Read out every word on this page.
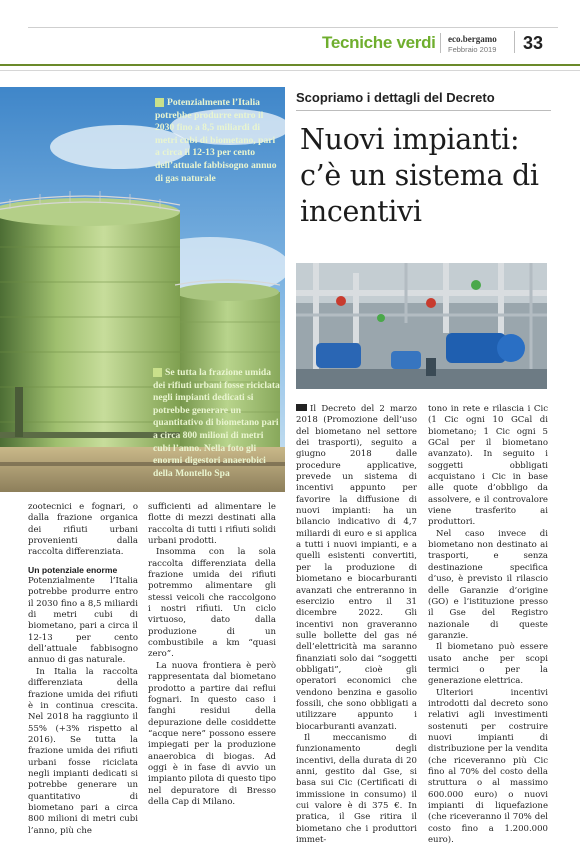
Tecniche verdi eco.bergamo
Febbraio 2019 33
Potenzialmente l’Italia potrebbe produrre entro il 2030 fino a 8,5 miliardi di metri cubi di biometano, pari a circa il 12-13 per cento dell’attuale fabbisogno annuo di gas naturale
Se tutta la frazione umida dei rifiuti urbani fosse riciclata negli impianti dedicati si potrebbe generare un quantitativo di biometano pari a circa 800 milioni di metri cubi l’anno. Nella foto gli enormi digestori anaerobici della Montello Spa
Scopriamo i dettagli del Decreto
Nuovi impianti: c’è un sistema di incentivi

zootecnici e fognari, o dalla frazione organica dei rifiuti urbani provenienti dalla raccolta differenziata.

Un potenziale enorme

Potenzialmente l’Italia potrebbe produrre entro il 2030 fino a 8,5 miliardi di metri cubi di biometano, pari a circa il 12-13 per cento dell’attuale fabbisogno annuo di gas naturale.

In Italia la raccolta differenziata della frazione umida dei rifiuti è in continua crescita. Nel 2018 ha raggiunto il 55% (+3% rispetto al 2016). Se tutta la frazione umida dei rifiuti urbani fosse riciclata negli impianti dedicati si potrebbe generare un quantitativo di biometano pari a circa 800 milioni di metri cubi l’anno, più che

sufficienti ad alimentare le flotte di mezzi destinati alla raccolta di tutti i rifiuti solidi urbani prodotti.

Insomma con la sola raccolta differenziata della frazione umida dei rifiuti potremmo alimentare gli stessi veicoli che raccolgono i nostri rifiuti. Un ciclo virtuoso, dato dalla produzione di un combustibile a km “quasi zero”.

La nuova frontiera è però rappresentata dal biometano prodotto a partire dai reflui fognari. In questo caso i fanghi residui della depurazione delle cosiddette “acque nere” possono essere impiegati per la produzione anaerobica di biogas. Ad oggi è in fase di avvio un impianto pilota di questo tipo nel depuratore di Bresso della Cap di Milano.

Il Decreto del 2 marzo 2018 (Promozione dell’uso del biometano nel settore dei trasporti), seguito a giugno 2018 dalle procedure applicative, prevede un sistema di incentivi appunto per favorire la diffusione di nuovi impianti: ha un bilancio indicativo di 4,7 miliardi di euro e si applica a tutti i nuovi impianti, e a quelli esistenti convertiti, per la produzione di biometano e biocarburanti avanzati che entreranno in esercizio entro il 31 dicembre 2022. Gli incentivi non graveranno sulle bollette del gas né dell’elettricità ma saranno finanziati solo dai “soggetti obbligati”, cioè gli operatori economici che vendono benzina e gasolio fossili, che sono obbligati a utilizzare appunto i biocarburanti avanzati.

Il meccanismo di funzionamento degli incentivi, della durata di 20 anni, gestito dal Gse, si basa sui Cic (Certificati di immissione in consumo) il cui valore è di 375 €. In pratica, il Gse ritira il biometano che i produttori immet-

tono in rete e rilascia i Cic (1 Cic ogni 10 GCal di biometano; 1 Cic ogni 5 GCal per il biometano avanzato). In seguito i soggetti obbligati acquistano i Cic in base alle quote d’obbligo da assolvere, e il controvalore viene trasferito ai produttori.

Nel caso invece di biometano non destinato ai trasporti, e senza destinazione specifica d’uso, è previsto il rilascio delle Garanzie d’origine (GO) e l’istituzione presso il Gse del Registro nazionale di queste garanzie.

Il biometano può essere usato anche per scopi termici o per la generazione elettrica.

Ulteriori incentivi introdotti dal decreto sono relativi agli investimenti sostenuti per costruire nuovi impianti di distribuzione per la vendita (che riceveranno più Cic fino al 70% del costo della struttura o al massimo 600.000 euro) o nuovi impianti di liquefazione (che riceveranno il 70% del costo fino a 1.200.000 euro).
